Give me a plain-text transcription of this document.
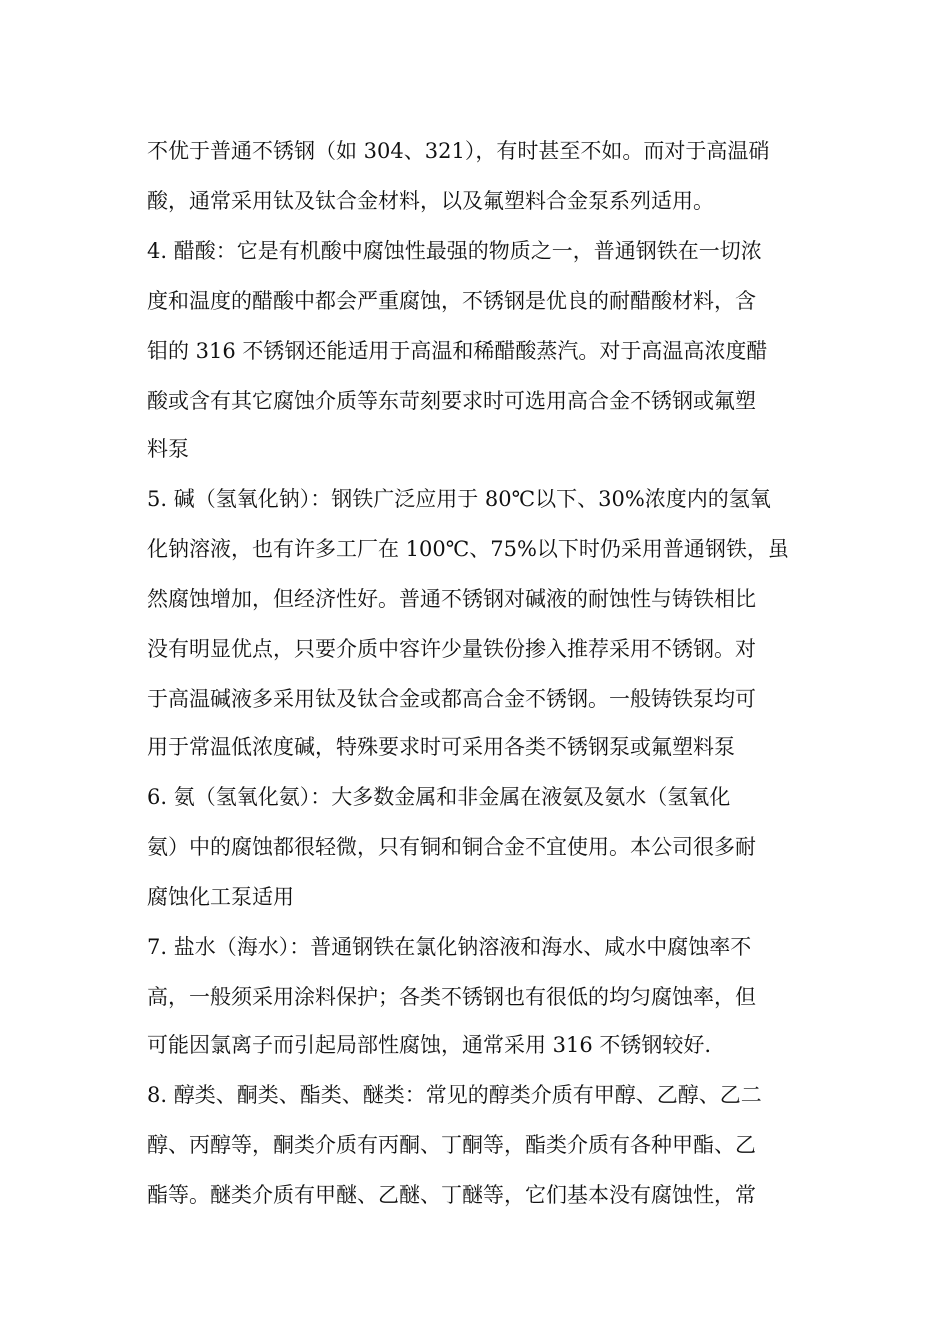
不优于普通不锈钢（如 304、321），有时甚至不如。而对于高温硝
酸，通常采用钛及钛合金材料，以及氟塑料合金泵系列适用。
4. 醋酸：它是有机酸中腐蚀性最强的物质之一，普通钢铁在一切浓
度和温度的醋酸中都会严重腐蚀，不锈钢是优良的耐醋酸材料，含
钼的 316 不锈钢还能适用于高温和稀醋酸蒸汽。对于高温高浓度醋
酸或含有其它腐蚀介质等东苛刻要求时可选用高合金不锈钢或氟塑
料泵
5. 碱（氢氧化钠）：钢铁广泛应用于 80℃以下、30%浓度内的氢氧
化钠溶液，也有许多工厂在 100℃、75%以下时仍采用普通钢铁，虽
然腐蚀增加，但经济性好。普通不锈钢对碱液的耐蚀性与铸铁相比
没有明显优点，只要介质中容许少量铁份掺入推荐采用不锈钢。对
于高温碱液多采用钛及钛合金或都高合金不锈钢。一般铸铁泵均可
用于常温低浓度碱，特殊要求时可采用各类不锈钢泵或氟塑料泵
6. 氨（氢氧化氨）：大多数金属和非金属在液氨及氨水（氢氧化
氨）中的腐蚀都很轻微，只有铜和铜合金不宜使用。本公司很多耐
腐蚀化工泵适用
7. 盐水（海水）：普通钢铁在氯化钠溶液和海水、咸水中腐蚀率不
高，一般须采用涂料保护；各类不锈钢也有很低的均匀腐蚀率，但
可能因氯离子而引起局部性腐蚀，通常采用 316 不锈钢较好.
8. 醇类、酮类、酯类、醚类：常见的醇类介质有甲醇、乙醇、乙二
醇、丙醇等，酮类介质有丙酮、丁酮等，酯类介质有各种甲酯、乙
酯等。醚类介质有甲醚、乙醚、丁醚等，它们基本没有腐蚀性，常
